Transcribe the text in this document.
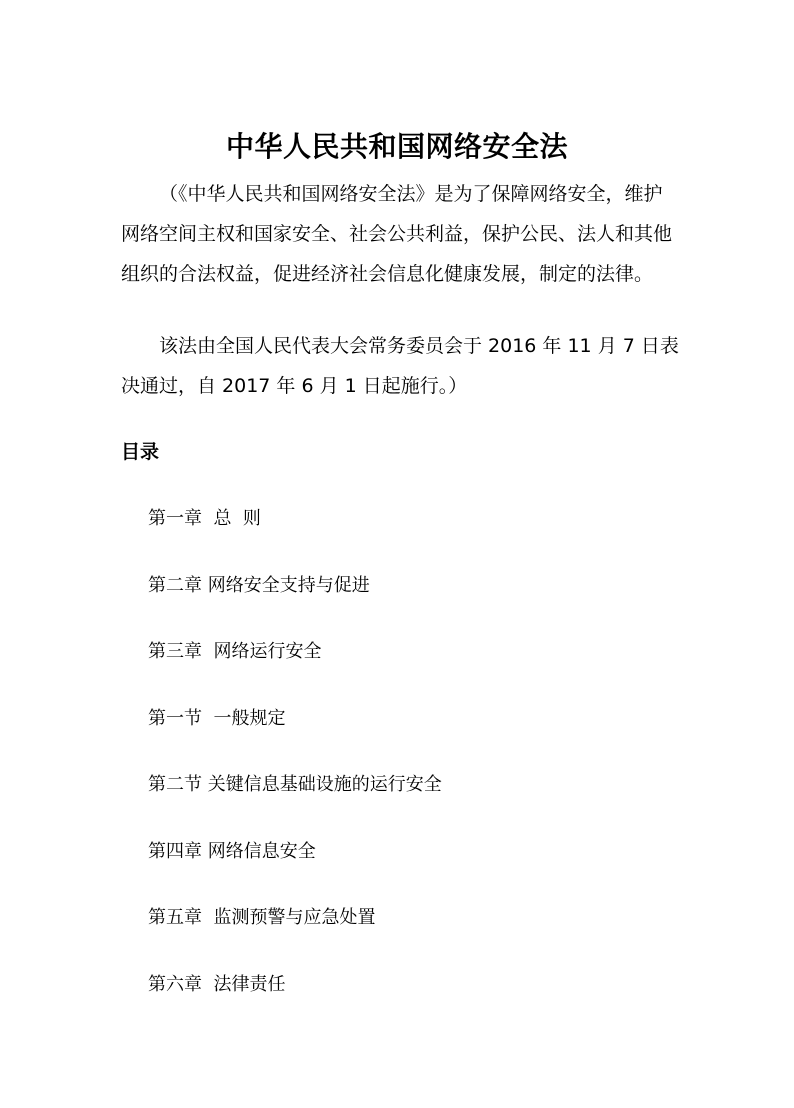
中华人民共和国网络安全法

（《中华人民共和国网络安全法》是为了保障网络安全，维护网络空间主权和国家安全、社会公共利益，保护公民、法人和其他组织的合法权益，促进经济社会信息化健康发展，制定的法律。

该法由全国人民代表大会常务委员会于 2016 年 11 月 7 日表决通过，自 2017 年 6 月 1 日起施行。）

目录
第一章  总  则
第二章 网络安全支持与促进
第三章  网络运行安全
第一节  一般规定
第二节 关键信息基础设施的运行安全
第四章 网络信息安全
第五章  监测预警与应急处置
第六章  法律责任
